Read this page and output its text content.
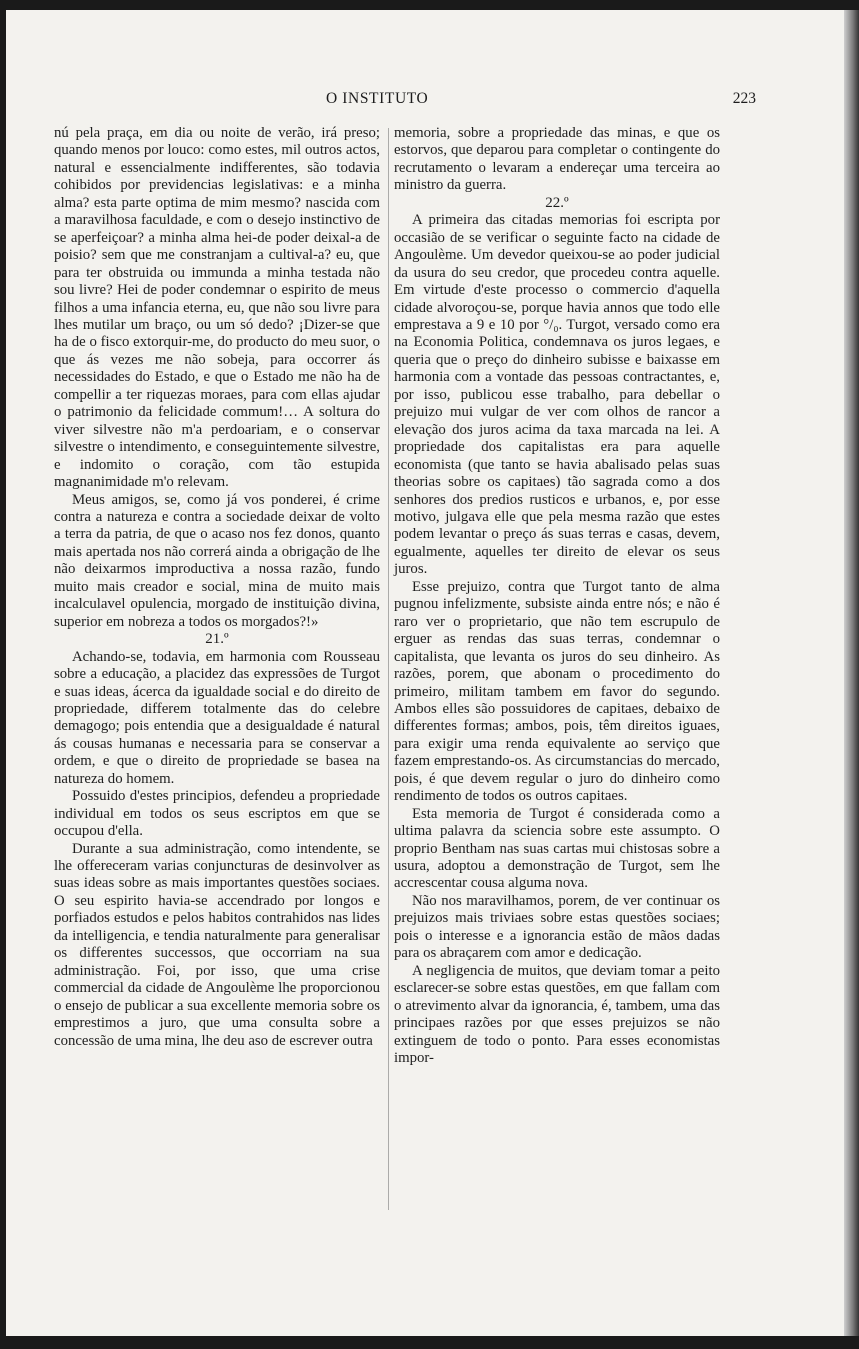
O INSTITUTO	223

nú pela praça, em dia ou noite de verão, irá preso; quando menos por louco: como estes, mil outros actos, natural e essencialmente indifferentes, são todavia cohibidos por previdencias legislativas: e a minha alma? esta parte optima de mim mesmo? nascida com a maravilhosa faculdade, e com o desejo instinctivo de se aperfeiçoar? a minha alma hei-de poder deixal-a de poisio? sem que me constranjam a cultival-a? eu, que para ter obstruida ou immunda a minha testada não sou livre? Hei de poder condemnar o espirito de meus filhos a uma infancia eterna, eu, que não sou livre para lhes mutilar um braço, ou um só dedo? ¡Dizer-se que ha de o fisco extorquir-me, do producto do meu suor, o que ás vezes me não sobeja, para occorrer ás necessidades do Estado, e que o Estado me não ha de compellir a ter riquezas moraes, para com ellas ajudar o patrimonio da felicidade commum!… A soltura do viver silvestre não m'a perdoariam, e o conservar silvestre o intendimento, e conseguintemente silvestre, e indomito o coração, com tão estupida magnanimidade m'o relevam.

Meus amigos, se, como já vos ponderei, é crime contra a natureza e contra a sociedade deixar de volto a terra da patria, de que o acaso nos fez donos, quanto mais apertada nos não correrá ainda a obrigação de lhe não deixarmos improductiva a nossa razão, fundo muito mais creador e social, mina de muito mais incalculavel opulencia, morgado de instituição divina, superior em nobreza a todos os morgados?!»

21.º

Achando-se, todavia, em harmonia com Rousseau sobre a educação, a placidez das expressões de Turgot e suas ideas, ácerca da igualdade social e do direito de propriedade, differem totalmente das do celebre demagogo; pois entendia que a desigualdade é natural ás cousas humanas e necessaria para se conservar a ordem, e que o direito de propriedade se basea na natureza do homem.

Possuido d'estes principios, defendeu a propriedade individual em todos os seus escriptos em que se occupou d'ella.

Durante a sua administração, como intendente, se lhe offereceram varias conjuncturas de desinvolver as suas ideas sobre as mais importantes questões sociaes. O seu espirito havia-se accendrado por longos e porfiados estudos e pelos habitos contrahidos nas lides da intelligencia, e tendia naturalmente para generalisar os differentes successos, que occorriam na sua administração. Foi, por isso, que uma crise commercial da cidade de Angoulème lhe proporcionou o ensejo de publicar a sua excellente memoria sobre os emprestimos a juro, que uma consulta sobre a concessão de uma mina, lhe deu aso de escrever outra

memoria, sobre a propriedade das minas, e que os estorvos, que deparou para completar o contingente do recrutamento o levaram a endereçar uma terceira ao ministro da guerra.

22.º

A primeira das citadas memorias foi escripta por occasião de se verificar o seguinte facto na cidade de Angoulème. Um devedor queixou-se ao poder judicial da usura do seu credor, que procedeu contra aquelle. Em virtude d'este processo o commercio d'aquella cidade alvoroçou-se, porque havia annos que todo elle emprestava a 9 e 10 por °/₀. Turgot, versado como era na Economia Politica, condemnava os juros legaes, e queria que o preço do dinheiro subisse e baixasse em harmonia com a vontade das pessoas contractantes, e, por isso, publicou esse trabalho, para debellar o prejuizo mui vulgar de ver com olhos de rancor a elevação dos juros acima da taxa marcada na lei. A propriedade dos capitalistas era para aquelle economista (que tanto se havia abalisado pelas suas theorias sobre os capitaes) tão sagrada como a dos senhores dos predios rusticos e urbanos, e, por esse motivo, julgava elle que pela mesma razão que estes podem levantar o preço ás suas terras e casas, devem, egualmente, aquelles ter direito de elevar os seus juros.

Esse prejuizo, contra que Turgot tanto de alma pugnou infelizmente, subsiste ainda entre nós; e não é raro ver o proprietario, que não tem escrupulo de erguer as rendas das suas terras, condemnar o capitalista, que levanta os juros do seu dinheiro. As razões, porem, que abonam o procedimento do primeiro, militam tambem em favor do segundo. Ambos elles são possuidores de capitaes, debaixo de differentes formas; ambos, pois, têm direitos iguaes, para exigir uma renda equivalente ao serviço que fazem emprestando-os. As circumstancias do mercado, pois, é que devem regular o juro do dinheiro como rendimento de todos os outros capitaes.

Esta memoria de Turgot é considerada como a ultima palavra da sciencia sobre este assumpto. O proprio Bentham nas suas cartas mui chistosas sobre a usura, adoptou a demonstração de Turgot, sem lhe accrescentar cousa alguma nova.

Não nos maravilhamos, porem, de ver continuar os prejuizos mais triviaes sobre estas questões sociaes; pois o interesse e a ignorancia estão de mãos dadas para os abraçarem com amor e dedicação.

A negligencia de muitos, que deviam tomar a peito esclarecer-se sobre estas questões, em que fallam com o atrevimento alvar da ignorancia, é, tambem, uma das principaes razões por que esses prejuizos se não extinguem de todo o ponto. Para esses economistas impor-
